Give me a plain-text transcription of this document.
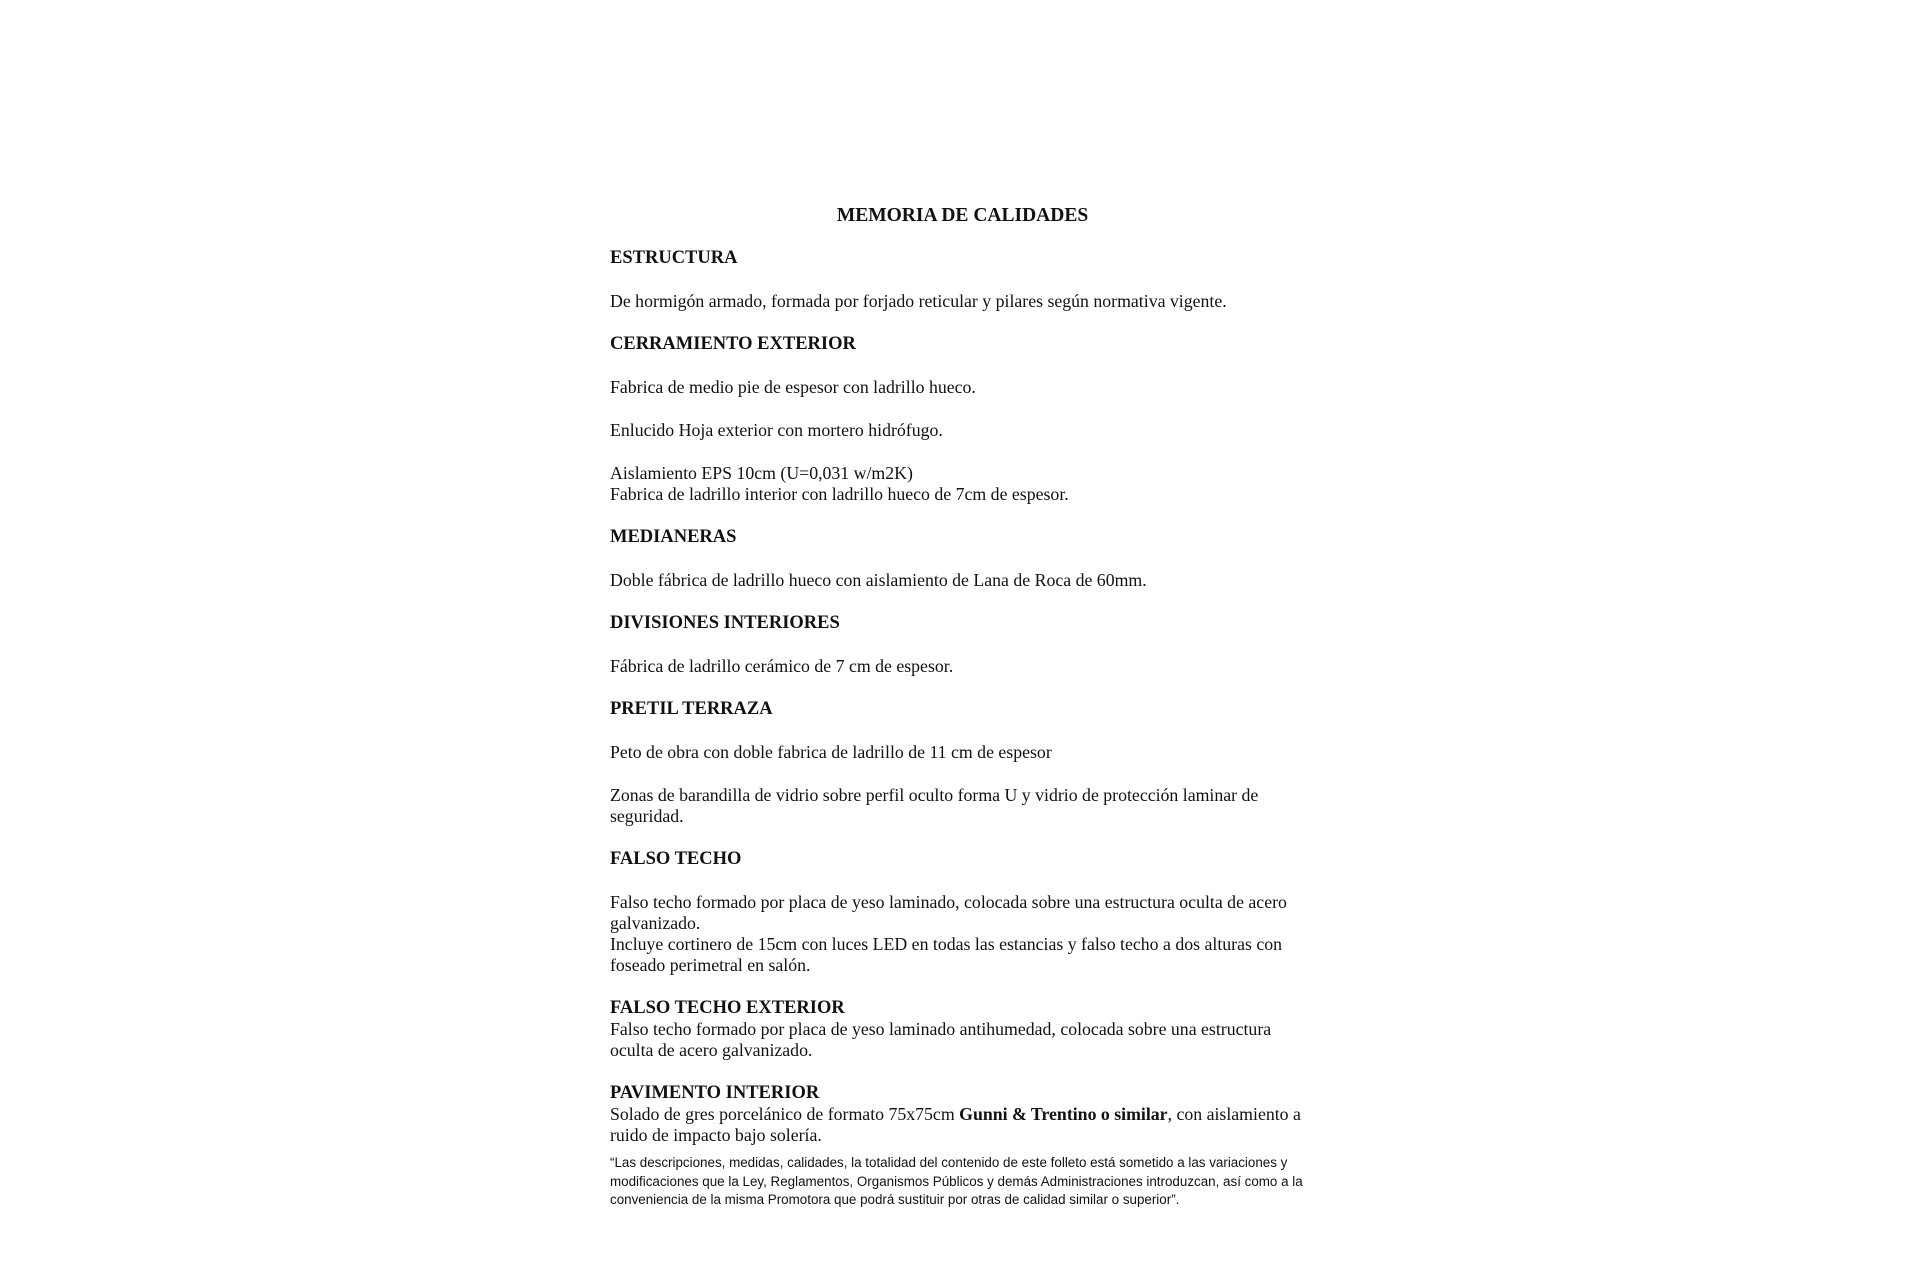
MEMORIA DE CALIDADES
ESTRUCTURA
De hormigón armado, formada por forjado reticular y pilares según normativa vigente.
CERRAMIENTO EXTERIOR
Fabrica de medio pie de espesor con ladrillo hueco.
Enlucido Hoja exterior con mortero hidrófugo.
Aislamiento EPS 10cm (U=0,031 w/m2K)
Fabrica de ladrillo interior con ladrillo hueco de 7cm de espesor.
MEDIANERAS
Doble fábrica de ladrillo hueco con aislamiento de Lana de Roca de 60mm.
DIVISIONES INTERIORES
Fábrica de ladrillo cerámico de 7 cm de espesor.
PRETIL TERRAZA
Peto de obra con doble fabrica de ladrillo de 11 cm de espesor
Zonas de barandilla de vidrio sobre perfil oculto forma U y vidrio de protección laminar de seguridad.
FALSO TECHO
Falso techo formado por placa de yeso laminado, colocada sobre una estructura oculta de acero galvanizado.
Incluye cortinero de 15cm con luces LED en todas las estancias y falso techo a dos alturas con foseado perimetral en salón.
FALSO TECHO EXTERIOR
Falso techo formado por placa de yeso laminado antihumedad, colocada sobre una estructura oculta de acero galvanizado.
PAVIMENTO INTERIOR
Solado de gres porcelánico de formato 75x75cm Gunni & Trentino o similar, con aislamiento a ruido de impacto bajo solería.
“Las descripciones, medidas, calidades, la totalidad del contenido de este folleto está sometido a las variaciones y modificaciones que la Ley, Reglamentos, Organismos Públicos y demás Administraciones introduzcan, así como a la conveniencia de la misma Promotora que podrá sustituir por otras de calidad similar o superior”.
